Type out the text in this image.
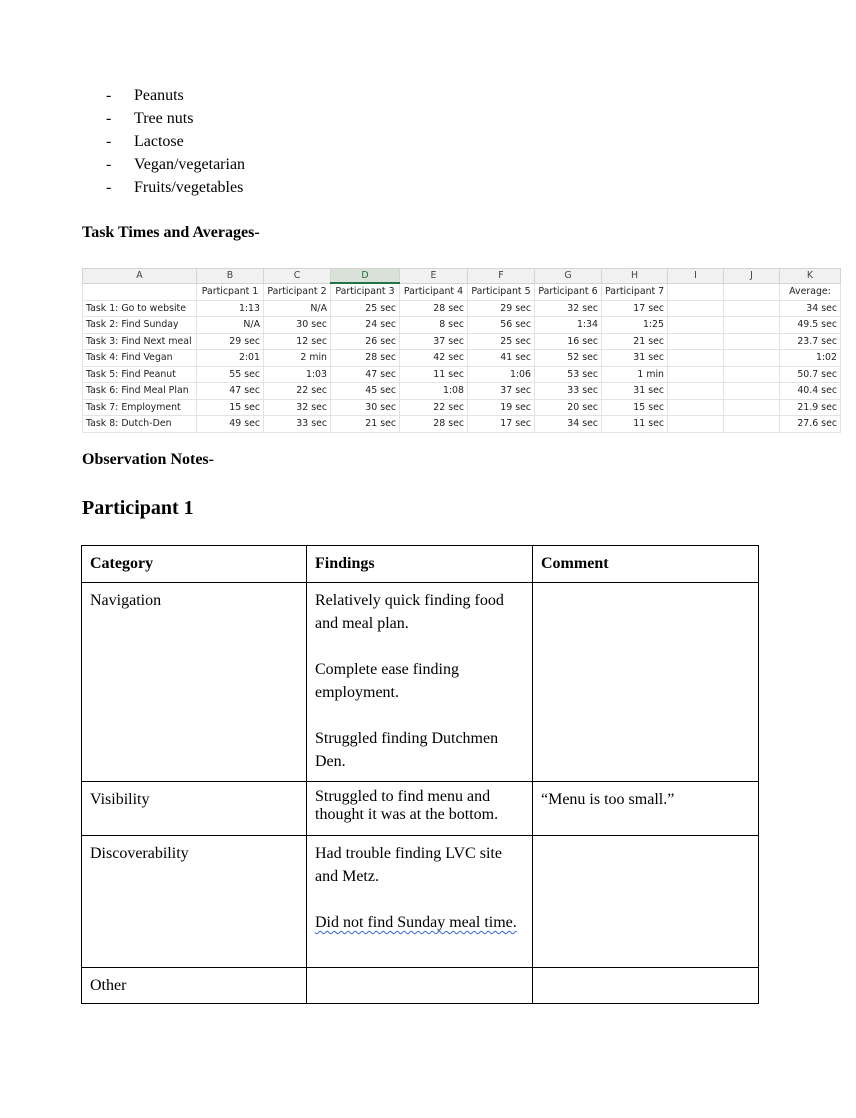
-	Peanuts
-	Tree nuts
-	Lactose
-	Vegan/vegetarian
-	Fruits/vegetables
Task Times and Averages-
A	B	C	D	E	F	G	H	I	J	K
	Particpant 1	Participant 2	Participant 3	Participant 4	Participant 5	Participant 6	Participant 7			Average:
Task 1: Go to website	1:13	N/A	25 sec	28 sec	29 sec	32 sec	17 sec			34 sec
Task 2: Find Sunday	N/A	30 sec	24 sec	8 sec	56 sec	1:34	1:25			49.5 sec
Task 3: Find Next meal	29 sec	12 sec	26 sec	37 sec	25 sec	16 sec	21 sec			23.7 sec
Task 4: Find Vegan	2:01	2 min	28 sec	42 sec	41 sec	52 sec	31 sec			1:02
Task 5: Find Peanut	55 sec	1:03	47 sec	11 sec	1:06	53 sec	1 min			50.7 sec
Task 6: Find Meal Plan	47 sec	22 sec	45 sec	1:08	37 sec	33 sec	31 sec			40.4 sec
Task 7: Employment	15 sec	32 sec	30 sec	22 sec	19 sec	20 sec	15 sec			21.9 sec
Task 8: Dutch-Den	49 sec	33 sec	21 sec	28 sec	17 sec	34 sec	11 sec			27.6 sec
Observation Notes-
Participant 1
Category	Findings	Comment
Navigation	Relatively quick finding food and meal plan.

Complete ease finding employment.

Struggled finding Dutchmen Den.	

Visibility	Struggled to find menu and thought it was at the bottom.	“Menu is too small.”
Discoverability	Had trouble finding LVC site and Metz.

Did not find Sunday meal time.	

Other		
